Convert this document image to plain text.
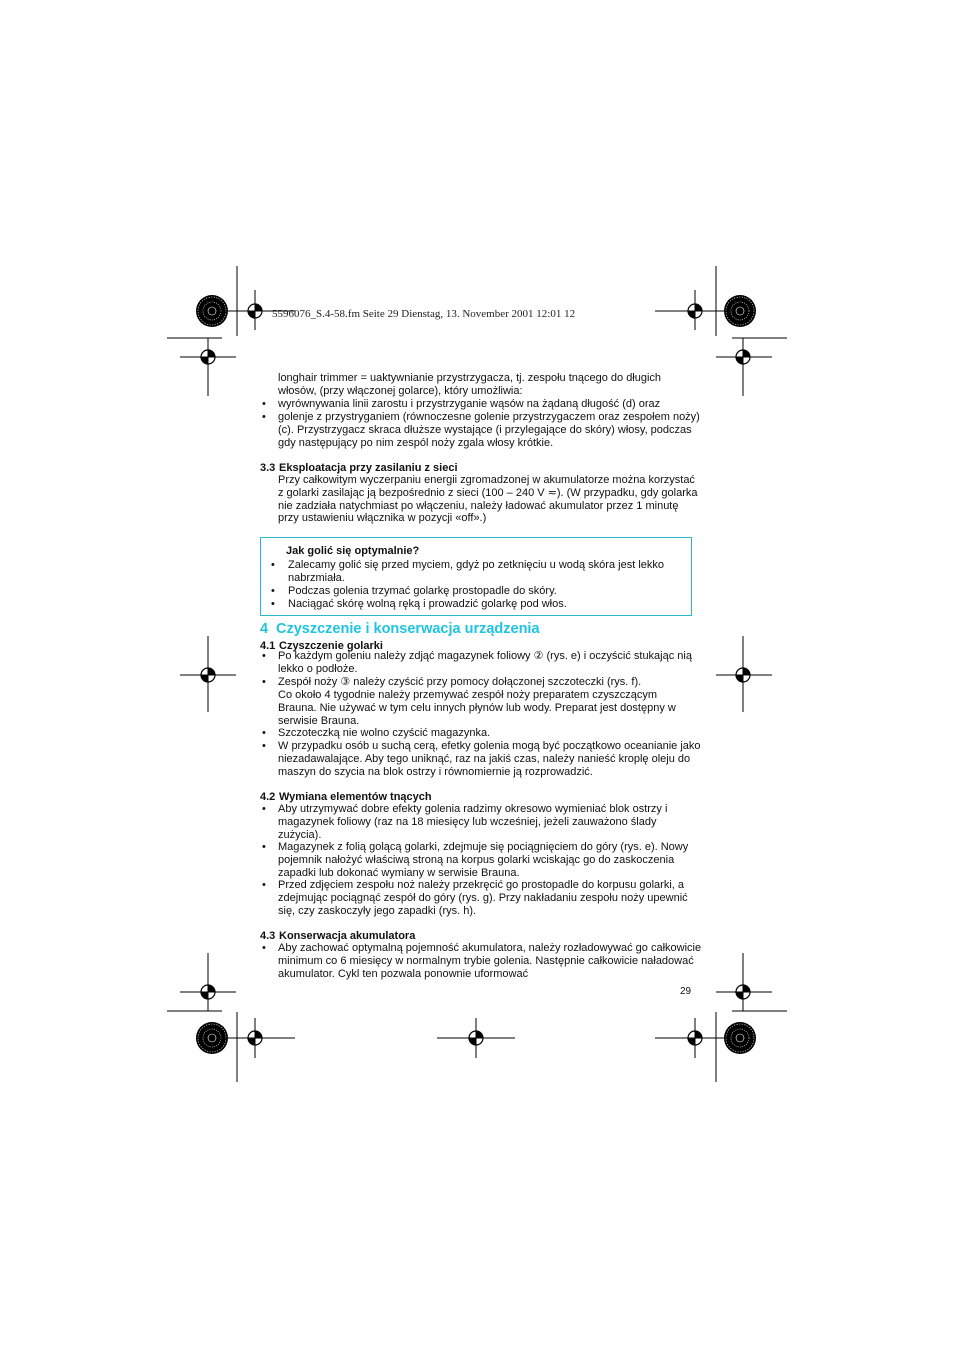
5596076_S.4-58.fm Seite 29 Dienstag, 13. November 2001 12:01 12
longhair trimmer = uaktywnianie przystrzygacza, tj. zespołu tnącego do długich włosów, (przy włączonej golarce), który umożliwia:
• wyrównywania linii zarostu i przystrzyganie wąsów na żądaną długość (d) oraz
• golenje z przystryganiem (równoczesne golenie przystrzygaczem oraz zespołem noży) (c). Przystrzygacz skraca dłuższe wystające (i przylegające do skóry) włosy, podczas gdy następujący po nim zespól noży zgala włosy krótkie.
3.3 Eksploatacja przy zasilaniu z sieci
Przy całkowitym wyczerpaniu energii zgromadzonej w akumulatorze można korzystać z golarki zasilając ją bezpośrednio z sieci (100 – 240 V ≂). (W przypadku, gdy golarka nie zadziała natychmiast po włączeniu, należy ładować akumulator przez 1 minutę przy ustawieniu włącznika w pozycji «off».)
Jak golić się optymalnie?
• Zalecamy golić się przed myciem, gdyż po zetknięciu u wodą skóra jest lekko nabrzmiała.
• Podczas golenia trzymać golarkę prostopadle do skóry.
• Naciągać skórę wolną ręką i prowadzić golarkę pod włos.
4 Czyszczenie i konserwacja urządzenia
4.1 Czyszczenie golarki
• Po każdym goleniu należy zdjąć magazynek foliowy ② (rys. e) i oczyścić stukając nią lekko o podłoże.
• Zespół noży ③ należy czyścić przy pomocy dołączonej szczoteczki (rys. f).
Co około 4 tygodnie należy przemywać zespół noży preparatem czyszczącym Brauna. Nie używać w tym celu innych płynów lub wody. Preparat jest dostępny w serwisie Brauna.
• Szczoteczką nie wolno czyścić magazynka.
• W przypadku osób u suchą cerą, efetky golenia mogą być początkowo oceanianie jako niezadawalające. Aby tego uniknąć, raz na jakiś czas, należy nanieść kroplę oleju do maszyn do szycia na blok ostrzy i równomiernie ją rozprowadzić.
4.2 Wymiana elementów tnących
• Aby utrzymywać dobre efekty golenia radzimy okresowo wymieniać blok ostrzy i magazynek foliowy (raz na 18 miesięcy lub wcześniej, jeżeli zauważono ślady zużycia).
• Magazynek z folią golącą golarki, zdejmuje się pociągnięciem do góry (rys. e). Nowy pojemnik nałożyć właściwą stroną na korpus golarki wciskając go do zaskoczenia zapadki lub dokonać wymiany w serwisie Brauna.
• Przed zdjęciem zespołu noż należy przekręcić go prostopadle do korpusu golarki, a zdejmując pociągnąć zespół do góry (rys. g). Przy nakładaniu zespołu noży upewnić się, czy zaskoczyły jego zapadki (rys. h).
4.3 Konserwacja akumulatora
• Aby zachować optymalną pojemność akumulatora, należy rozładowywać go całkowicie minimum co 6 miesięcy w normalnym trybie golenia. Następnie całkowicie naładować akumulator. Cykl ten pozwala ponownie uformować
29
